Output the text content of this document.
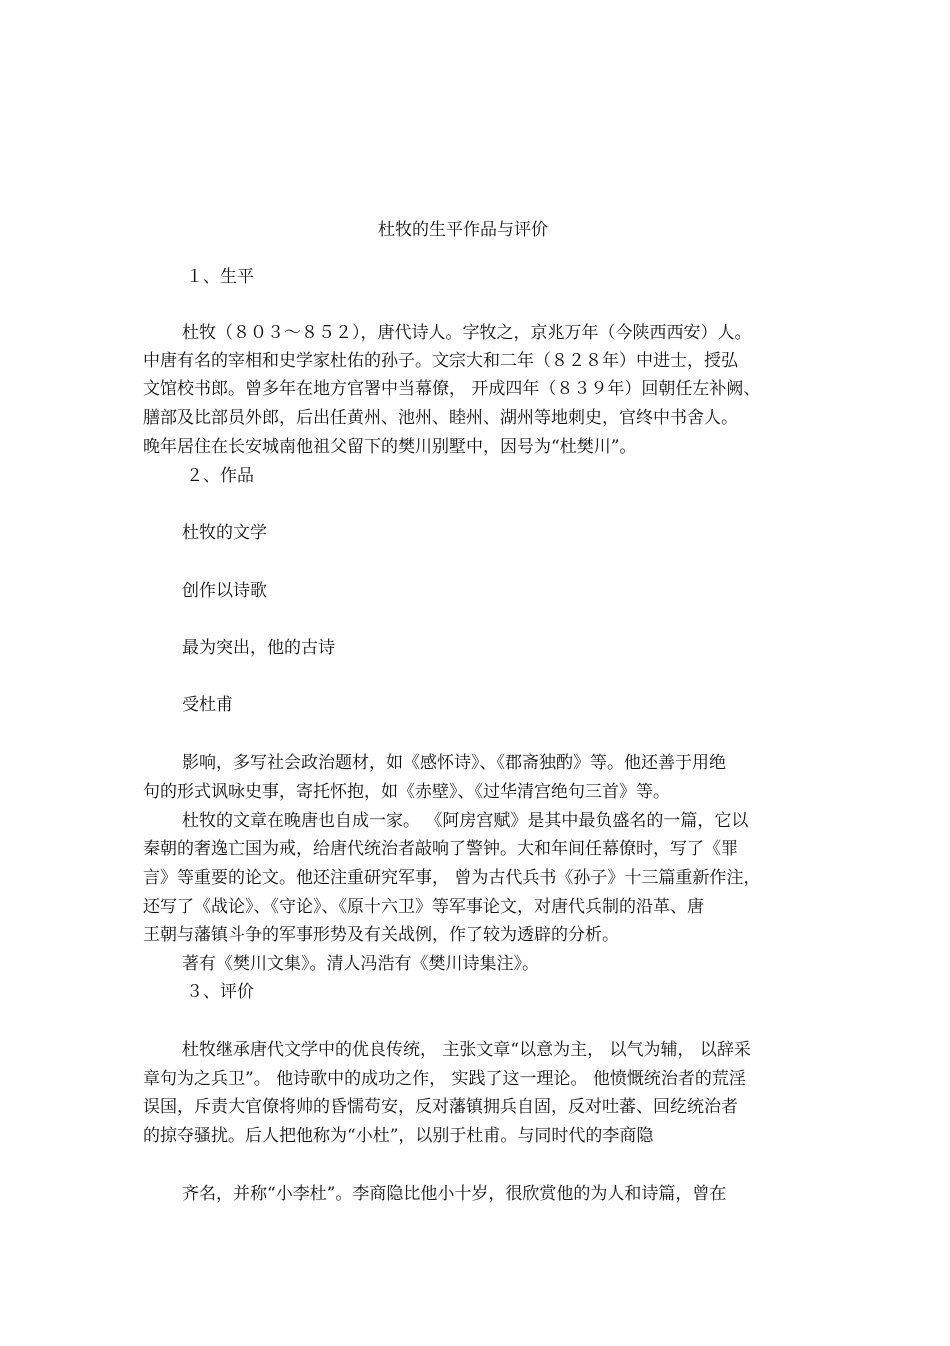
杜牧的生平作品与评价
１、生平
杜牧（８０３～８５２），唐代诗人。字牧之，京兆万年（今陕西西安）人。
中唐有名的宰相和史学家杜佑的孙子。文宗大和二年（８２８年）中进士，授弘
文馆校书郎。曾多年在地方官署中当幕僚， 开成四年（８３９年）回朝任左补阙、
膳部及比部员外郎，后出任黄州、池州、睦州、湖州等地刺史，官终中书舍人。
晚年居住在长安城南他祖父留下的樊川别墅中，因号为“杜樊川”。
２、作品
杜牧的文学
创作以诗歌
最为突出，他的古诗
受杜甫
影响，多写社会政治题材，如《感怀诗》、《郡斋独酌》等。他还善于用绝
句的形式讽咏史事，寄托怀抱，如《赤壁》、《过华清宫绝句三首》等。
杜牧的文章在晚唐也自成一家。 《阿房宫赋》是其中最负盛名的一篇，它以
秦朝的奢逸亡国为戒，给唐代统治者敲响了警钟。大和年间任幕僚时，写了《罪
言》等重要的论文。他还注重研究军事， 曾为古代兵书《孙子》十三篇重新作注，
还写了《战论》、《守论》、《原十六卫》等军事论文，对唐代兵制的沿革、唐
王朝与藩镇斗争的军事形势及有关战例，作了较为透辟的分析。
著有《樊川文集》。清人冯浩有《樊川诗集注》。
３、评价
杜牧继承唐代文学中的优良传统， 主张文章“以意为主， 以气为辅， 以辞采
章句为之兵卫”。 他诗歌中的成功之作， 实践了这一理论。 他愤慨统治者的荒淫
误国，斥责大官僚将帅的昏懦苟安，反对藩镇拥兵自固，反对吐蕃、回纥统治者
的掠夺骚扰。后人把他称为“小杜”，以别于杜甫。与同时代的李商隐
齐名，并称“小李杜”。李商隐比他小十岁，很欣赏他的为人和诗篇，曾在
